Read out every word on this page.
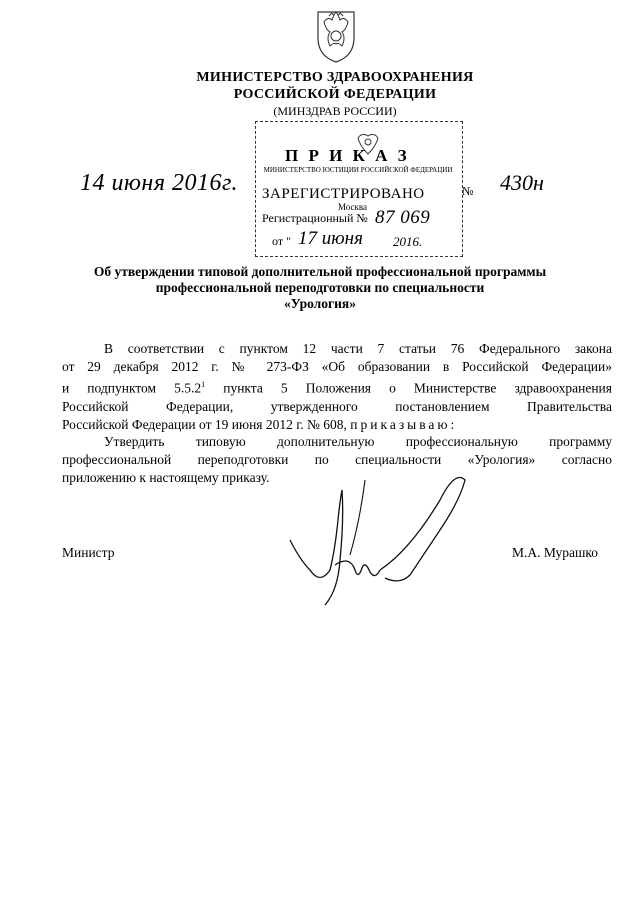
МИНИСТЕРСТВО ЗДРАВООХРАНЕНИЯ
РОССИЙСКОЙ ФЕДЕРАЦИИ
(МИНЗДРАВ РОССИИ)
П Р И К А З
МИНИСТЕРСТВО ЮСТИЦИИ РОССИЙСКОЙ ФЕДЕРАЦИИ
ЗАРЕГИСТРИРОВАНО
Москва
Регистрационный № 87 069
от " 17 июня 2016.
14 июня 2016г.	№ 430н
Об утверждении типовой дополнительной профессиональной программы
профессиональной переподготовки по специальности
«Урология»
В соответствии с пунктом 12 части 7 статьи 76 Федерального закона
от 29 декабря 2012 г. № 273-ФЗ «Об образовании в Российской Федерации»
и подпунктом 5.5.2$^1$ пункта 5 Положения о Министерстве здравоохранения
Российской Федерации, утвержденного постановлением Правительства
Российской Федерации от 19 июня 2012 г. № 608, приказываю:
Утвердить типовую дополнительную профессиональную программу
профессиональной переподготовки по специальности «Урология» согласно
приложению к настоящему приказу.
Министр	М.А. Мурашко
